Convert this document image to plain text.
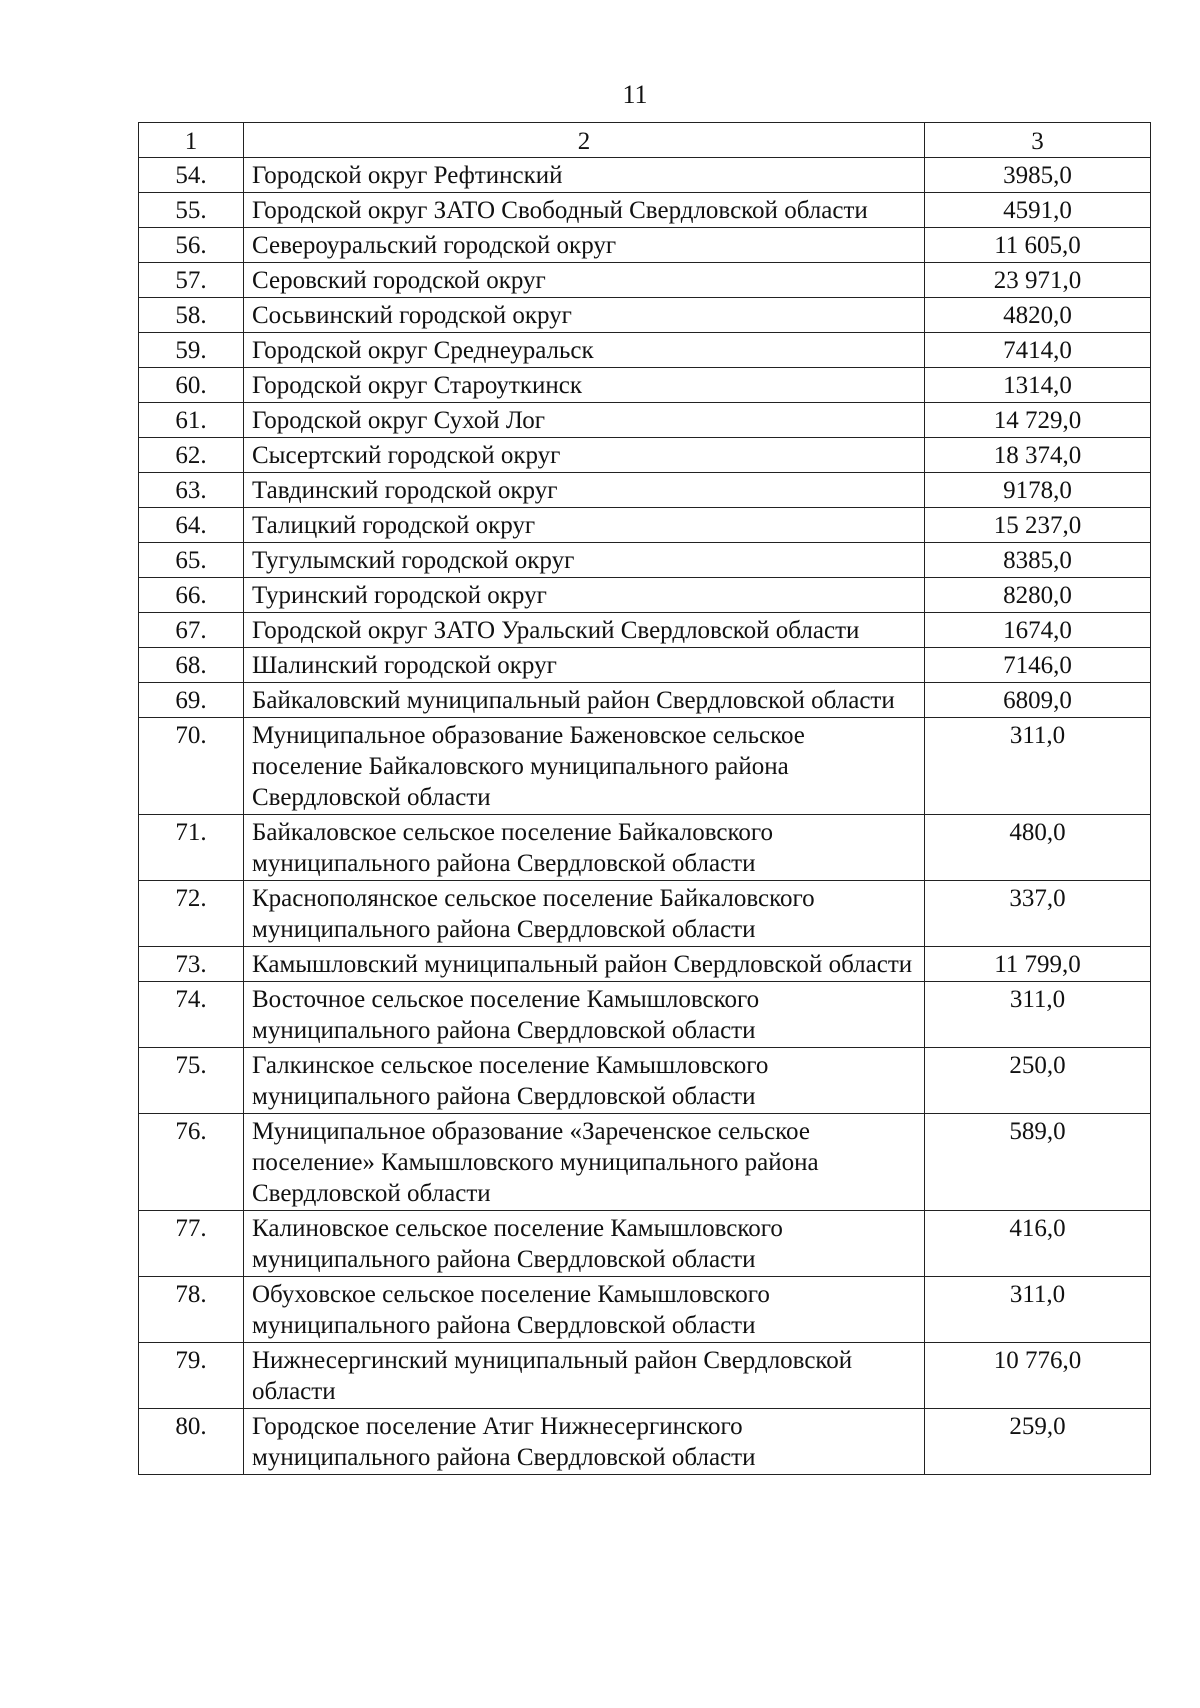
11
1	2	3
54.	Городской округ Рефтинский	3985,0
55.	Городской округ ЗАТО Свободный Свердловской области	4591,0
56.	Североуральский городской округ	11 605,0
57.	Серовский городской округ	23 971,0
58.	Сосьвинский городской округ	4820,0
59.	Городской округ Среднеуральск	7414,0
60.	Городской округ Староуткинск	1314,0
61.	Городской округ Сухой Лог	14 729,0
62.	Сысертский городской округ	18 374,0
63.	Тавдинский городской округ	9178,0
64.	Талицкий городской округ	15 237,0
65.	Тугулымский городской округ	8385,0
66.	Туринский городской округ	8280,0
67.	Городской округ ЗАТО Уральский Свердловской области	1674,0
68.	Шалинский городской округ	7146,0
69.	Байкаловский муниципальный район Свердловской области	6809,0
70.	Муниципальное образование Баженовское сельское поселение Байкаловского муниципального района Свердловской области	311,0
71.	Байкаловское сельское поселение Байкаловского муниципального района Свердловской области	480,0
72.	Краснополянское сельское поселение Байкаловского муниципального района Свердловской области	337,0
73.	Камышловский муниципальный район Свердловской области	11 799,0
74.	Восточное сельское поселение Камышловского муниципального района Свердловской области	311,0
75.	Галкинское сельское поселение Камышловского муниципального района Свердловской области	250,0
76.	Муниципальное образование «Зареченское сельское поселение» Камышловского муниципального района Свердловской области	589,0
77.	Калиновское сельское поселение Камышловского муниципального района Свердловской области	416,0
78.	Обуховское сельское поселение Камышловского муниципального района Свердловской области	311,0
79.	Нижнесергинский муниципальный район Свердловской области	10 776,0
80.	Городское поселение Атиг Нижнесергинского муниципального района Свердловской области	259,0
